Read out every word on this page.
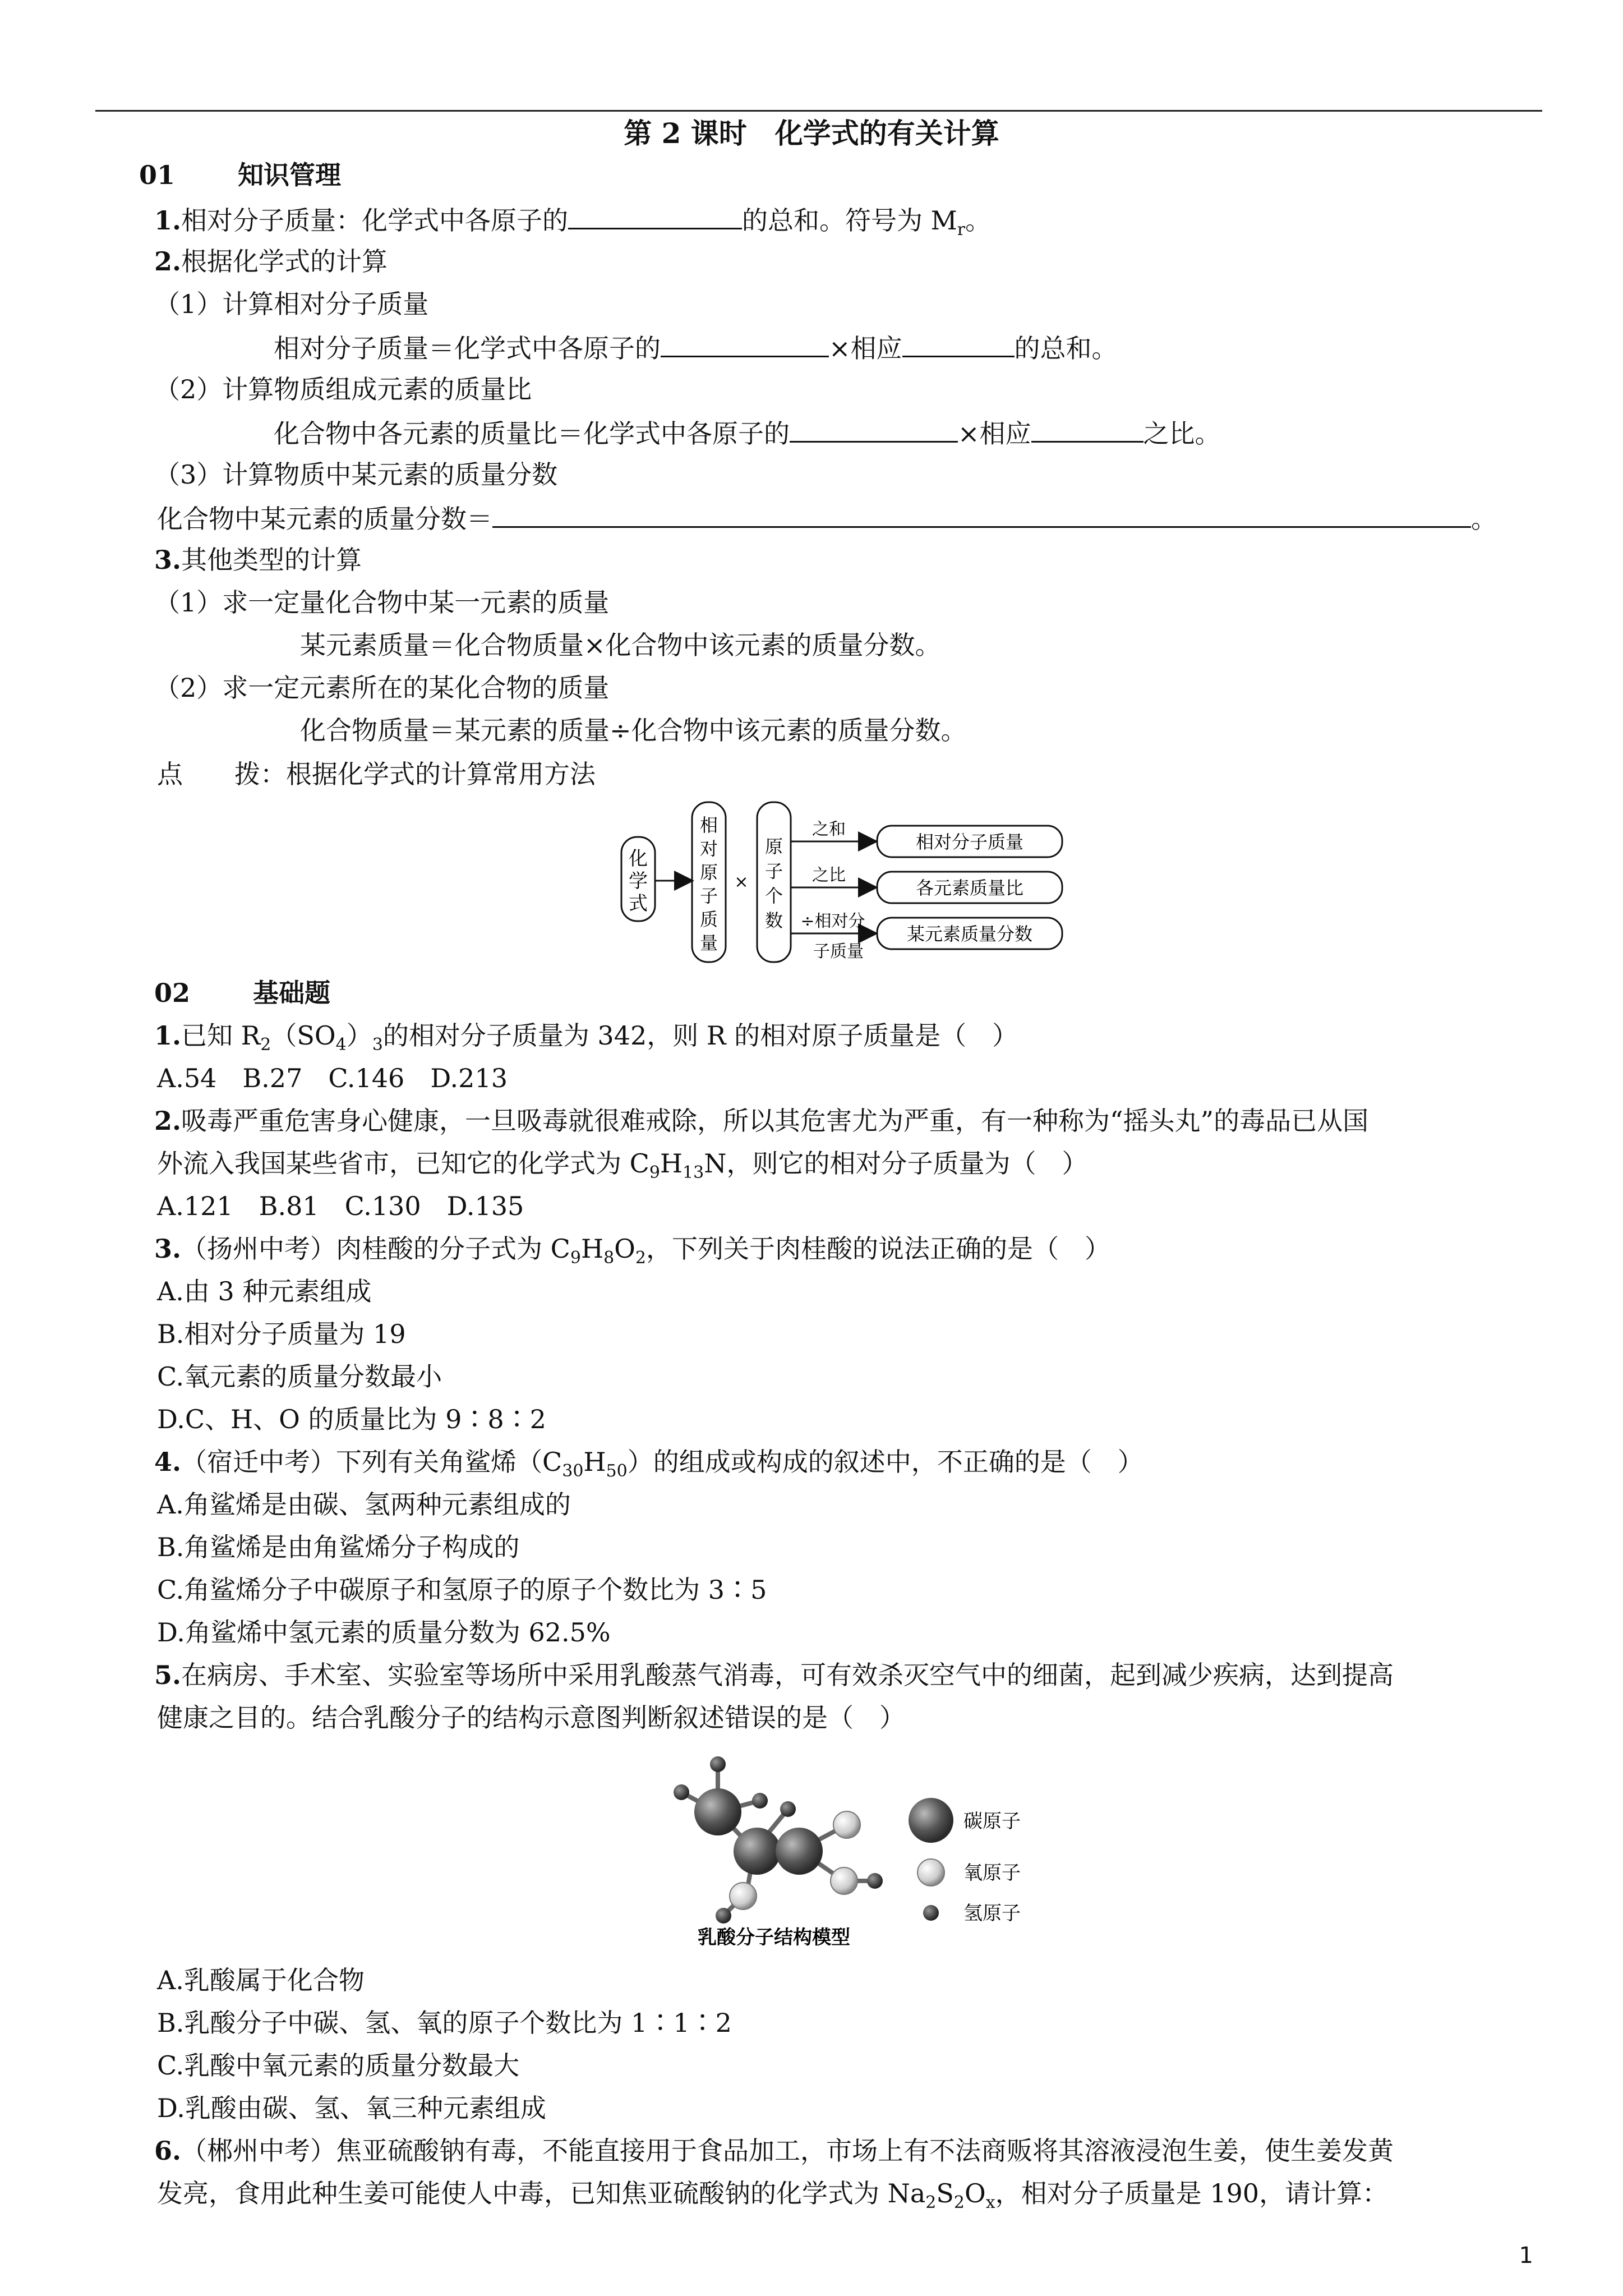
第 2 课时　化学式的有关计算
01 知识管理
1.相对分子质量：化学式中各原子的	的总和。符号为 $M_r$。
2.根据化学式的计算
（1）计算相对分子质量
相对分子质量＝化学式中各原子的	×相应	的总和。
（2）计算物质组成元素的质量比
化合物中各元素的质量比＝化学式中各原子的	×相应	之比。
（3）计算物质中某元素的质量分数
化合物中某元素的质量分数＝	。
3.其他类型的计算
（1）求一定量化合物中某一元素的质量
某元素质量＝化合物质量×化合物中该元素的质量分数。
（2）求一定元素所在的某化合物的质量
化合物质量＝某元素的质量÷化合物中该元素的质量分数。
点　　拨：根据化学式的计算常用方法
化
学
式
相
对
原
子
质
量
×
原
子
个
数
之和
之比
÷相对分
子质量
相对分子质量
各元素质量比
某元素质量分数
02 基础题
1.已知 $R_2(SO_4)_3$的相对分子质量为 342，则 R 的相对原子质量是（　）
A.54　B.27　C.146　D.213
2.吸毒严重危害身心健康，一旦吸毒就很难戒除，所以其危害尤为严重，有一种称为“摇头丸”的毒品已从国
外流入我国某些省市，已知它的化学式为 $C_9H_{13}N$，则它的相对分子质量为（　）
A.121　B.81　C.130　D.135
3.（扬州中考）肉桂酸的分子式为 $C_9H_8O_2$，下列关于肉桂酸的说法正确的是（　）
A.由 3 种元素组成
B.相对分子质量为 19
C.氧元素的质量分数最小
D.C、H、O 的质量比为 9∶8∶2
4.（宿迁中考）下列有关角鲨烯$(C_{30}H_{50})$的组成或构成的叙述中，不正确的是（　）
A.角鲨烯是由碳、氢两种元素组成的
B.角鲨烯是由角鲨烯分子构成的
C.角鲨烯分子中碳原子和氢原子的原子个数比为 3∶5
D.角鲨烯中氢元素的质量分数为 62.5%
5.在病房、手术室、实验室等场所中采用乳酸蒸气消毒，可有效杀灭空气中的细菌，起到减少疾病，达到提高
健康之目的。结合乳酸分子的结构示意图判断叙述错误的是（　）
碳原子
氧原子
氢原子
乳酸分子结构模型
A.乳酸属于化合物
B.乳酸分子中碳、氢、氧的原子个数比为 1∶1∶2
C.乳酸中氧元素的质量分数最大
D.乳酸由碳、氢、氧三种元素组成
6.（郴州中考）焦亚硫酸钠有毒，不能直接用于食品加工，市场上有不法商贩将其溶液浸泡生姜，使生姜发黄
发亮，食用此种生姜可能使人中毒，已知焦亚硫酸钠的化学式为 $Na_2S_2O_x$，相对分子质量是 190，请计算：
1
